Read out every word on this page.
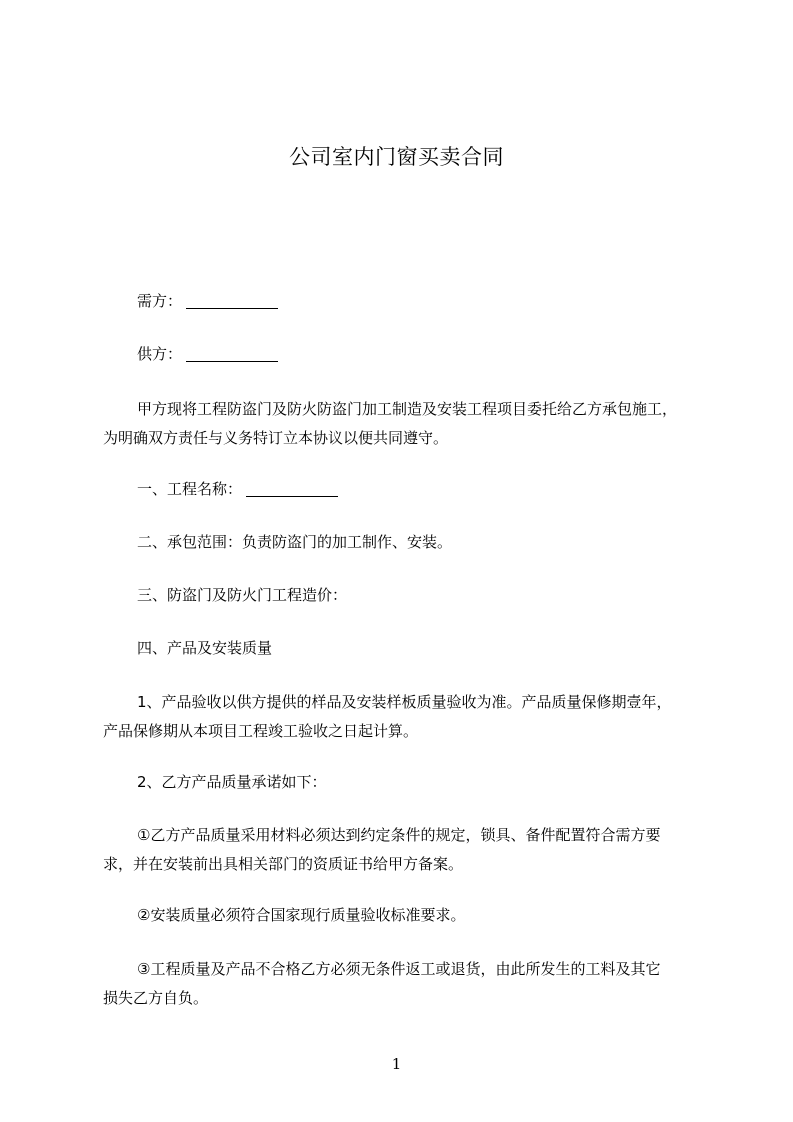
公司室内门窗买卖合同
需方：
供方：
甲方现将工程防盗门及防火防盗门加工制造及安装工程项目委托给乙方承包施工，
为明确双方责任与义务特订立本协议以便共同遵守。
一、工程名称：
二、承包范围：负责防盗门的加工制作、安装。
三、防盗门及防火门工程造价：
四、产品及安装质量
1、产品验收以供方提供的样品及安装样板质量验收为准。产品质量保修期壹年，
产品保修期从本项目工程竣工验收之日起计算。
2、乙方产品质量承诺如下：
①乙方产品质量采用材料必须达到约定条件的规定，锁具、备件配置符合需方要
求，并在安装前出具相关部门的资质证书给甲方备案。
②安装质量必须符合国家现行质量验收标准要求。
③工程质量及产品不合格乙方必须无条件返工或退货，由此所发生的工料及其它
损失乙方自负。
1
